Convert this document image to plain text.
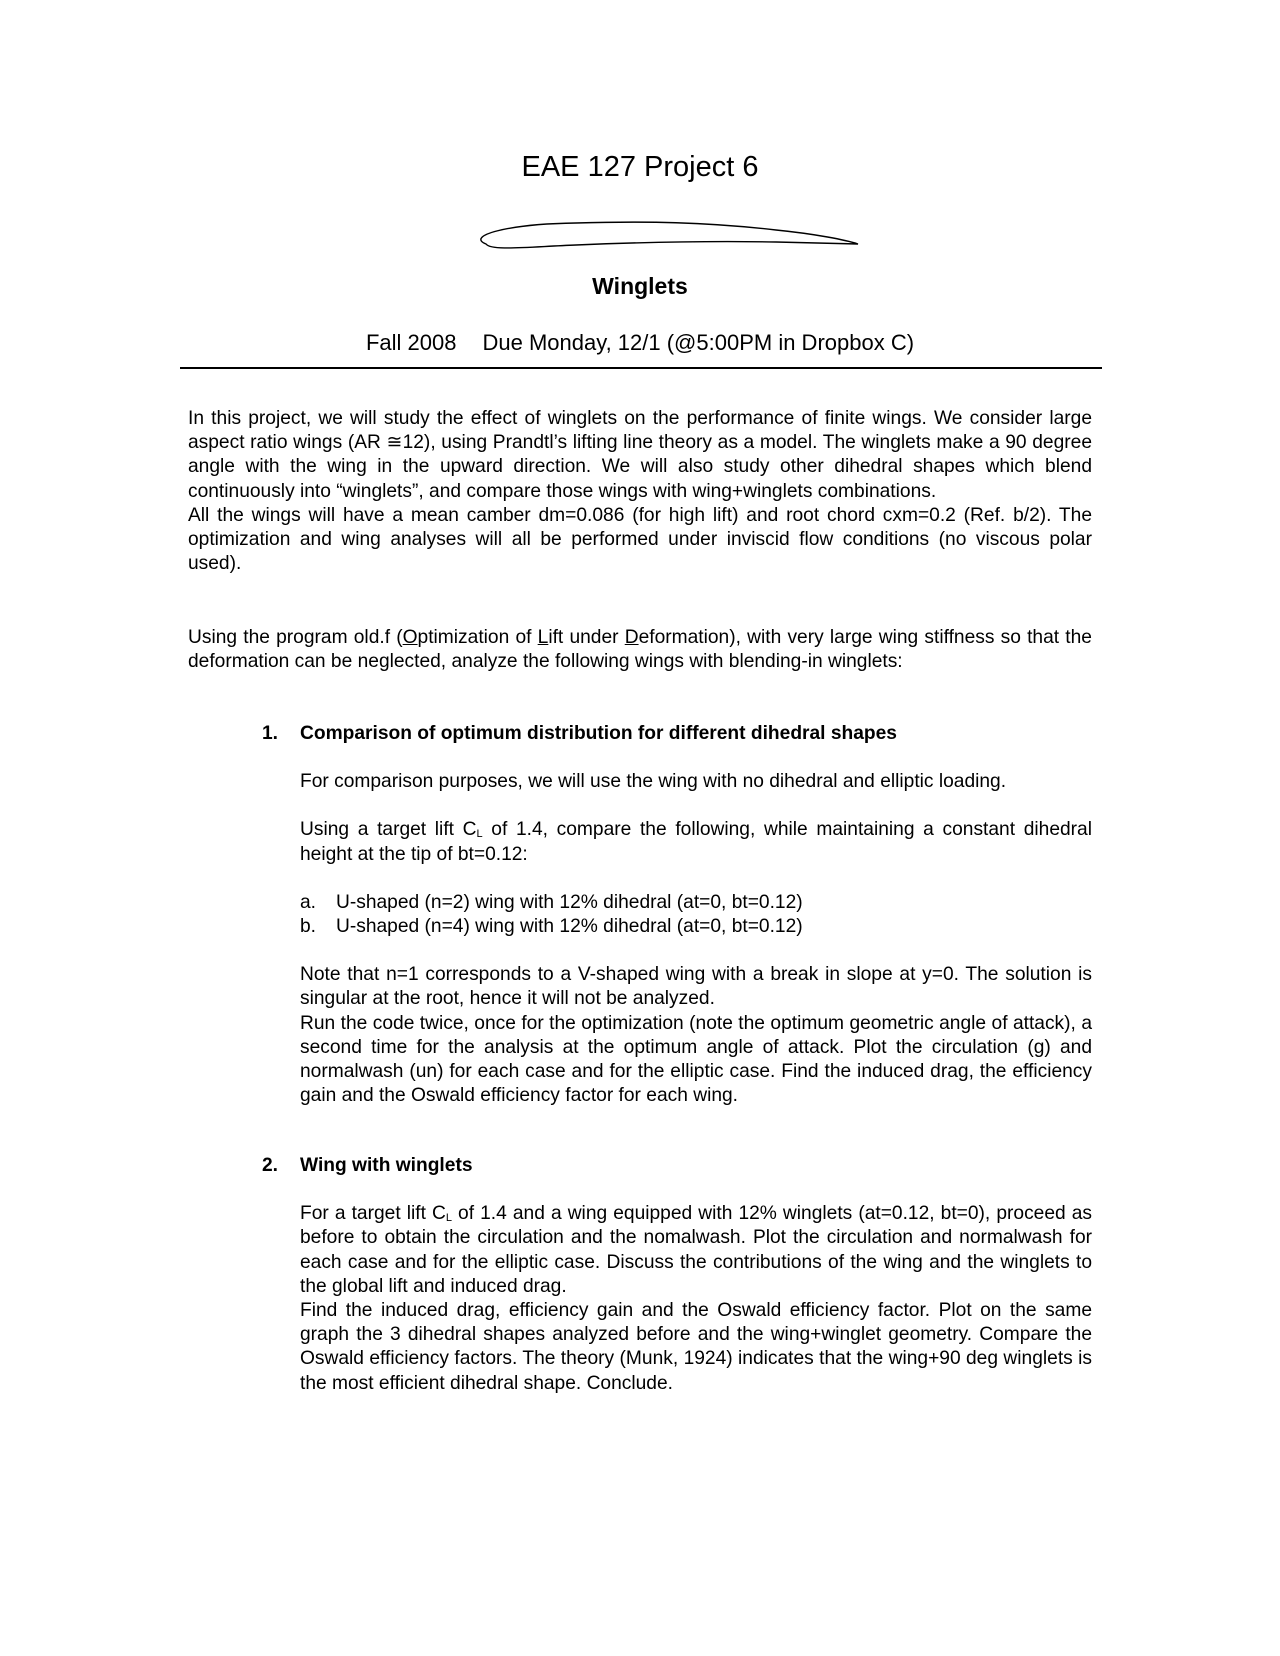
EAE 127 Project 6
Winglets
Fall 2008 Due Monday, 12/1 (@5:00PM in Dropbox C)

In this project, we will study the effect of winglets on the performance of finite wings. We consider large aspect ratio wings (AR ≅12), using Prandtl’s lifting line theory as a model. The winglets make a 90 degree angle with the wing in the upward direction. We will also study other dihedral shapes which blend continuously into “winglets”, and compare those wings with wing+winglets combinations.

All the wings will have a mean camber dm=0.086 (for high lift) and root chord cxm=0.2 (Ref. b/2). The optimization and wing analyses will all be performed under inviscid flow conditions (no viscous polar used).

Using the program old.f (Optimization of Lift under Deformation), with very large wing stiffness so that the deformation can be neglected, analyze the following wings with blending-in winglets:

1. Comparison of optimum distribution for different dihedral shapes

For comparison purposes, we will use the wing with no dihedral and elliptic loading.

Using a target lift $C_L$ of 1.4, compare the following, while maintaining a constant dihedral height at the tip of bt=0.12:

a. U-shaped (n=2) wing with 12% dihedral (at=0, bt=0.12)
b. U-shaped (n=4) wing with 12% dihedral (at=0, bt=0.12)

Note that n=1 corresponds to a V-shaped wing with a break in slope at y=0. The solution is singular at the root, hence it will not be analyzed.

Run the code twice, once for the optimization (note the optimum geometric angle of attack), a second time for the analysis at the optimum angle of attack. Plot the circulation (g) and normalwash (un) for each case and for the elliptic case. Find the induced drag, the efficiency gain and the Oswald efficiency factor for each wing.

2. Wing with winglets

For a target lift $C_L$ of 1.4 and a wing equipped with 12% winglets (at=0.12, bt=0), proceed as before to obtain the circulation and the nomalwash. Plot the circulation and normalwash for each case and for the elliptic case. Discuss the contributions of the wing and the winglets to the global lift and induced drag.

Find the induced drag, efficiency gain and the Oswald efficiency factor. Plot on the same graph the 3 dihedral shapes analyzed before and the wing+winglet geometry. Compare the Oswald efficiency factors. The theory (Munk, 1924) indicates that the wing+90 deg winglets is the most efficient dihedral shape. Conclude.
